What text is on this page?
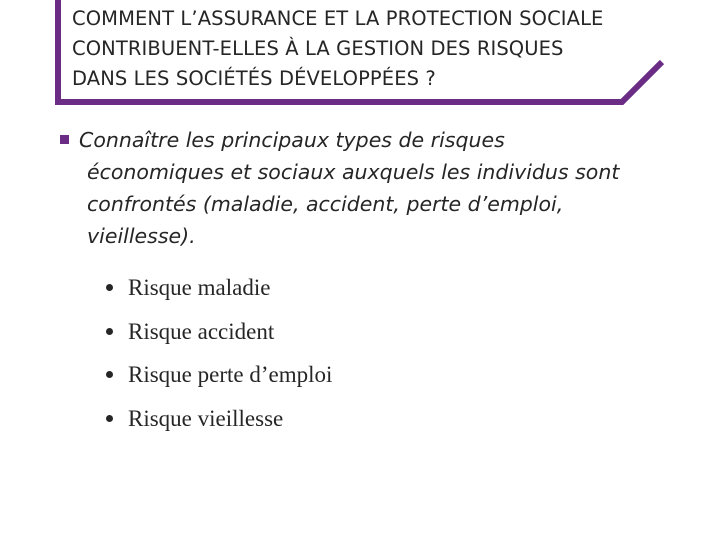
COMMENT L’ASSURANCE ET LA PROTECTION SOCIALE
CONTRIBUENT-ELLES À LA GESTION DES RISQUES
DANS LES SOCIÉTÉS DÉVELOPPÉES ?
Connaître les principaux types de risques
économiques et sociaux auxquels les individus sont
confrontés (maladie, accident, perte d’emploi,
vieillesse).
Risque maladie
Risque accident
Risque perte d’emploi
Risque vieillesse
